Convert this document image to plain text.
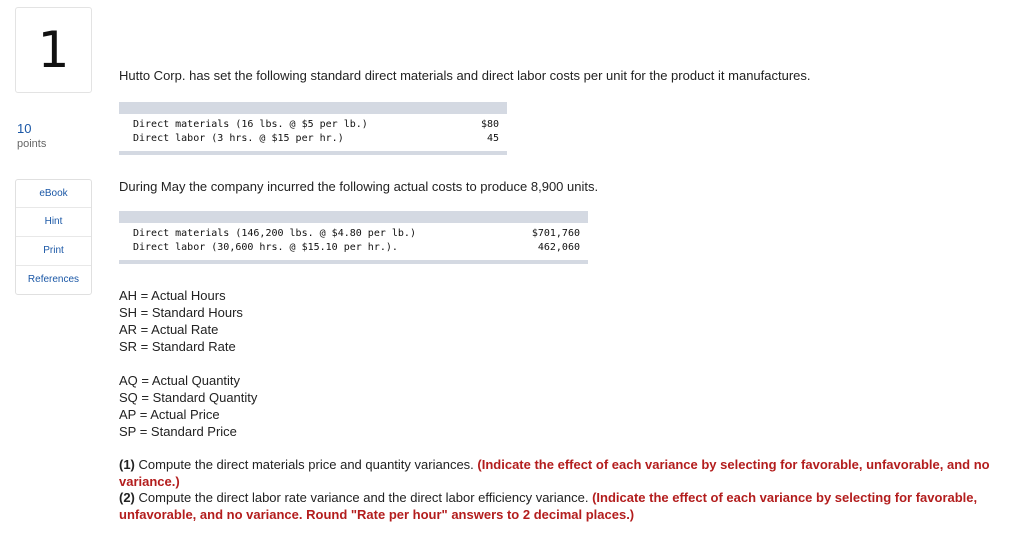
1
10
points
eBook
Hint
Print
References
Hutto Corp. has set the following standard direct materials and direct labor costs per unit for the product it manufactures.
Direct materials (16 lbs. @ $5 per lb.)	$80
Direct labor (3 hrs. @ $15 per hr.)	45
During May the company incurred the following actual costs to produce 8,900 units.
Direct materials (146,200 lbs. @ $4.80 per lb.)	$701,760
Direct labor (30,600 hrs. @ $15.10 per hr.).	462,060
AH = Actual Hours
SH = Standard Hours
AR = Actual Rate
SR = Standard Rate
AQ = Actual Quantity
SQ = Standard Quantity
AP = Actual Price
SP = Standard Price
(1) Compute the direct materials price and quantity variances. (Indicate the effect of each variance by selecting for favorable, unfavorable, and no variance.)
(2) Compute the direct labor rate variance and the direct labor efficiency variance. (Indicate the effect of each variance by selecting for favorable, unfavorable, and no variance. Round "Rate per hour" answers to 2 decimal places.)
